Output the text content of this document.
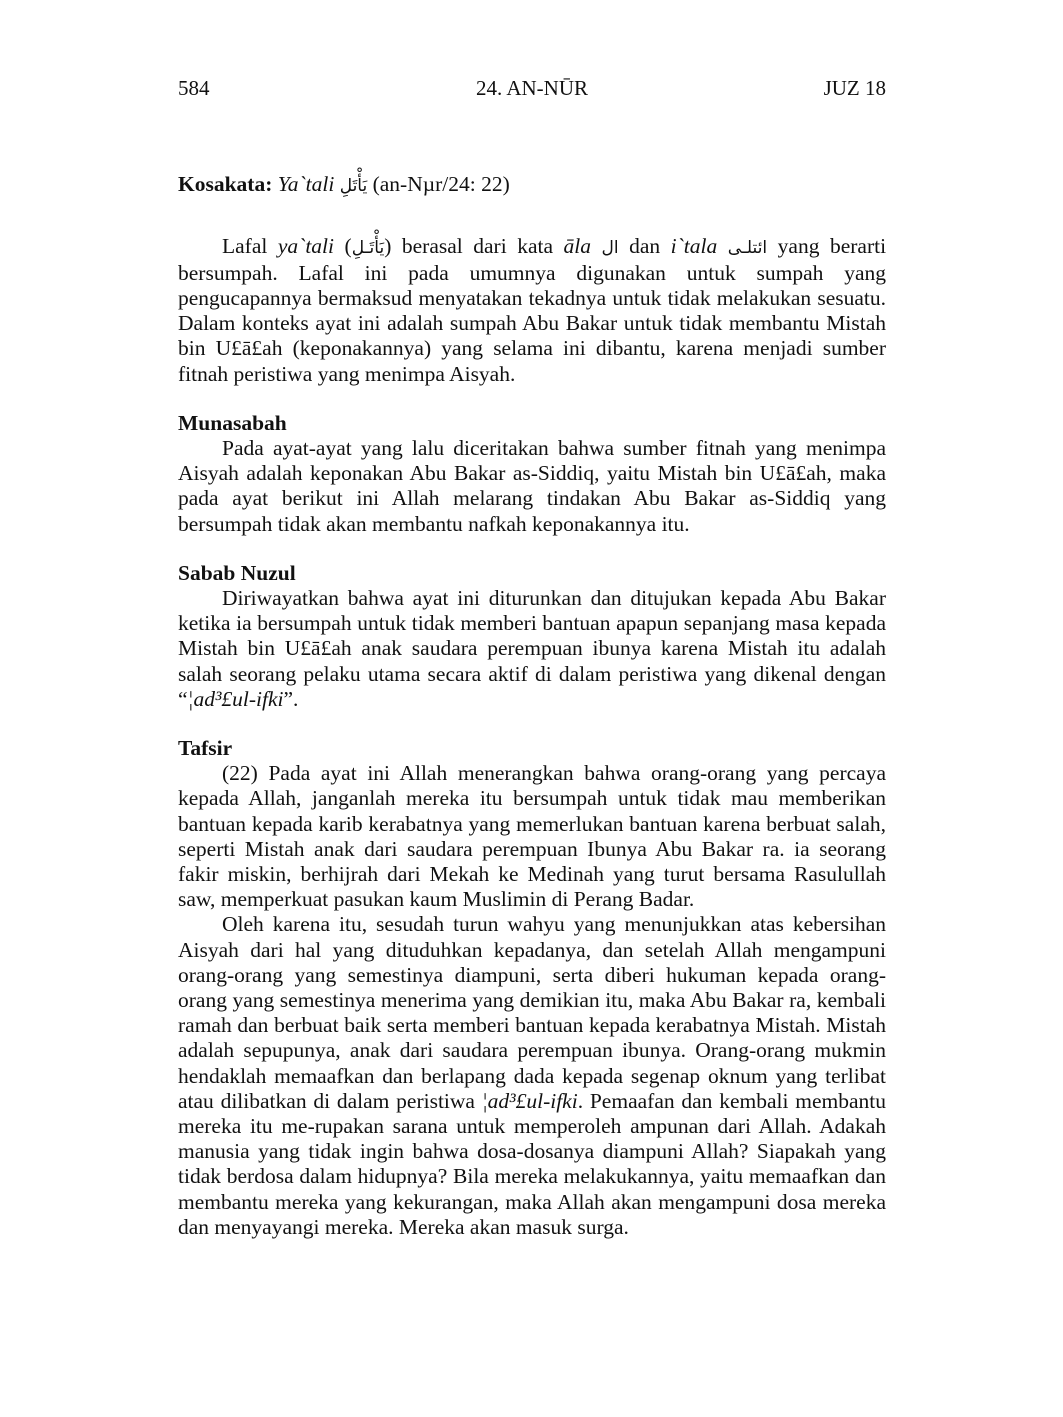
584	24. AN-NŪR	JUZ 18

Kosakata: Ya`tali يَأْتَلِ (an-Nµr/24: 22)

Lafal ya`tali (يَأْتَـلِ) berasal dari kata āla ال dan i`tala ائتلـى yang berarti bersumpah. Lafal ini pada umumnya digunakan untuk sumpah yang pengucapannya bermaksud menyatakan tekadnya untuk tidak melakukan sesuatu. Dalam konteks ayat ini adalah sumpah Abu Bakar untuk tidak membantu Mistah bin U£ā£ah (keponakannya) yang selama ini dibantu, karena menjadi sumber fitnah peristiwa yang menimpa Aisyah.

Munasabah

Pada ayat-ayat yang lalu diceritakan bahwa sumber fitnah yang menimpa Aisyah adalah keponakan Abu Bakar as-Siddiq, yaitu Mistah bin U£ā£ah, maka pada ayat berikut ini Allah melarang tindakan Abu Bakar as-Siddiq yang bersumpah tidak akan membantu nafkah keponakannya itu.

Sabab Nuzul

Diriwayatkan bahwa ayat ini diturunkan dan ditujukan kepada Abu Bakar ketika ia bersumpah untuk tidak memberi bantuan apapun sepanjang masa kepada Mistah bin U£ā£ah anak saudara perempuan ibunya karena Mistah itu adalah salah seorang pelaku utama secara aktif di dalam peristiwa yang dikenal dengan “¦ad³£ul-ifki”.

Tafsir

(22) Pada ayat ini Allah menerangkan bahwa orang-orang yang percaya kepada Allah, janganlah mereka itu bersumpah untuk tidak mau memberikan bantuan kepada karib kerabatnya yang memerlukan bantuan karena berbuat salah, seperti Mistah anak dari saudara perempuan Ibunya Abu Bakar ra. ia seorang fakir miskin, berhijrah dari Mekah ke Medinah yang turut bersama Rasulullah saw, memperkuat pasukan kaum Muslimin di Perang Badar.

Oleh karena itu, sesudah turun wahyu yang menunjukkan atas kebersihan Aisyah dari hal yang dituduhkan kepadanya, dan setelah Allah mengampuni orang-orang yang semestinya diampuni, serta diberi hukuman kepada orang-orang yang semestinya menerima yang demikian itu, maka Abu Bakar ra, kembali ramah dan berbuat baik serta memberi bantuan kepada kerabatnya Mistah. Mistah adalah sepupunya, anak dari saudara perempuan ibunya. Orang-orang mukmin hendaklah memaafkan dan berlapang dada kepada segenap oknum yang terlibat atau dilibatkan di dalam peristiwa ¦ad³£ul-ifki. Pemaafan dan kembali membantu mereka itu me-rupakan sarana untuk memperoleh ampunan dari Allah. Adakah manusia yang tidak ingin bahwa dosa-dosanya diampuni Allah? Siapakah yang tidak berdosa dalam hidupnya? Bila mereka melakukannya, yaitu memaafkan dan membantu mereka yang kekurangan, maka Allah akan mengampuni dosa mereka dan menyayangi mereka. Mereka akan masuk surga.
